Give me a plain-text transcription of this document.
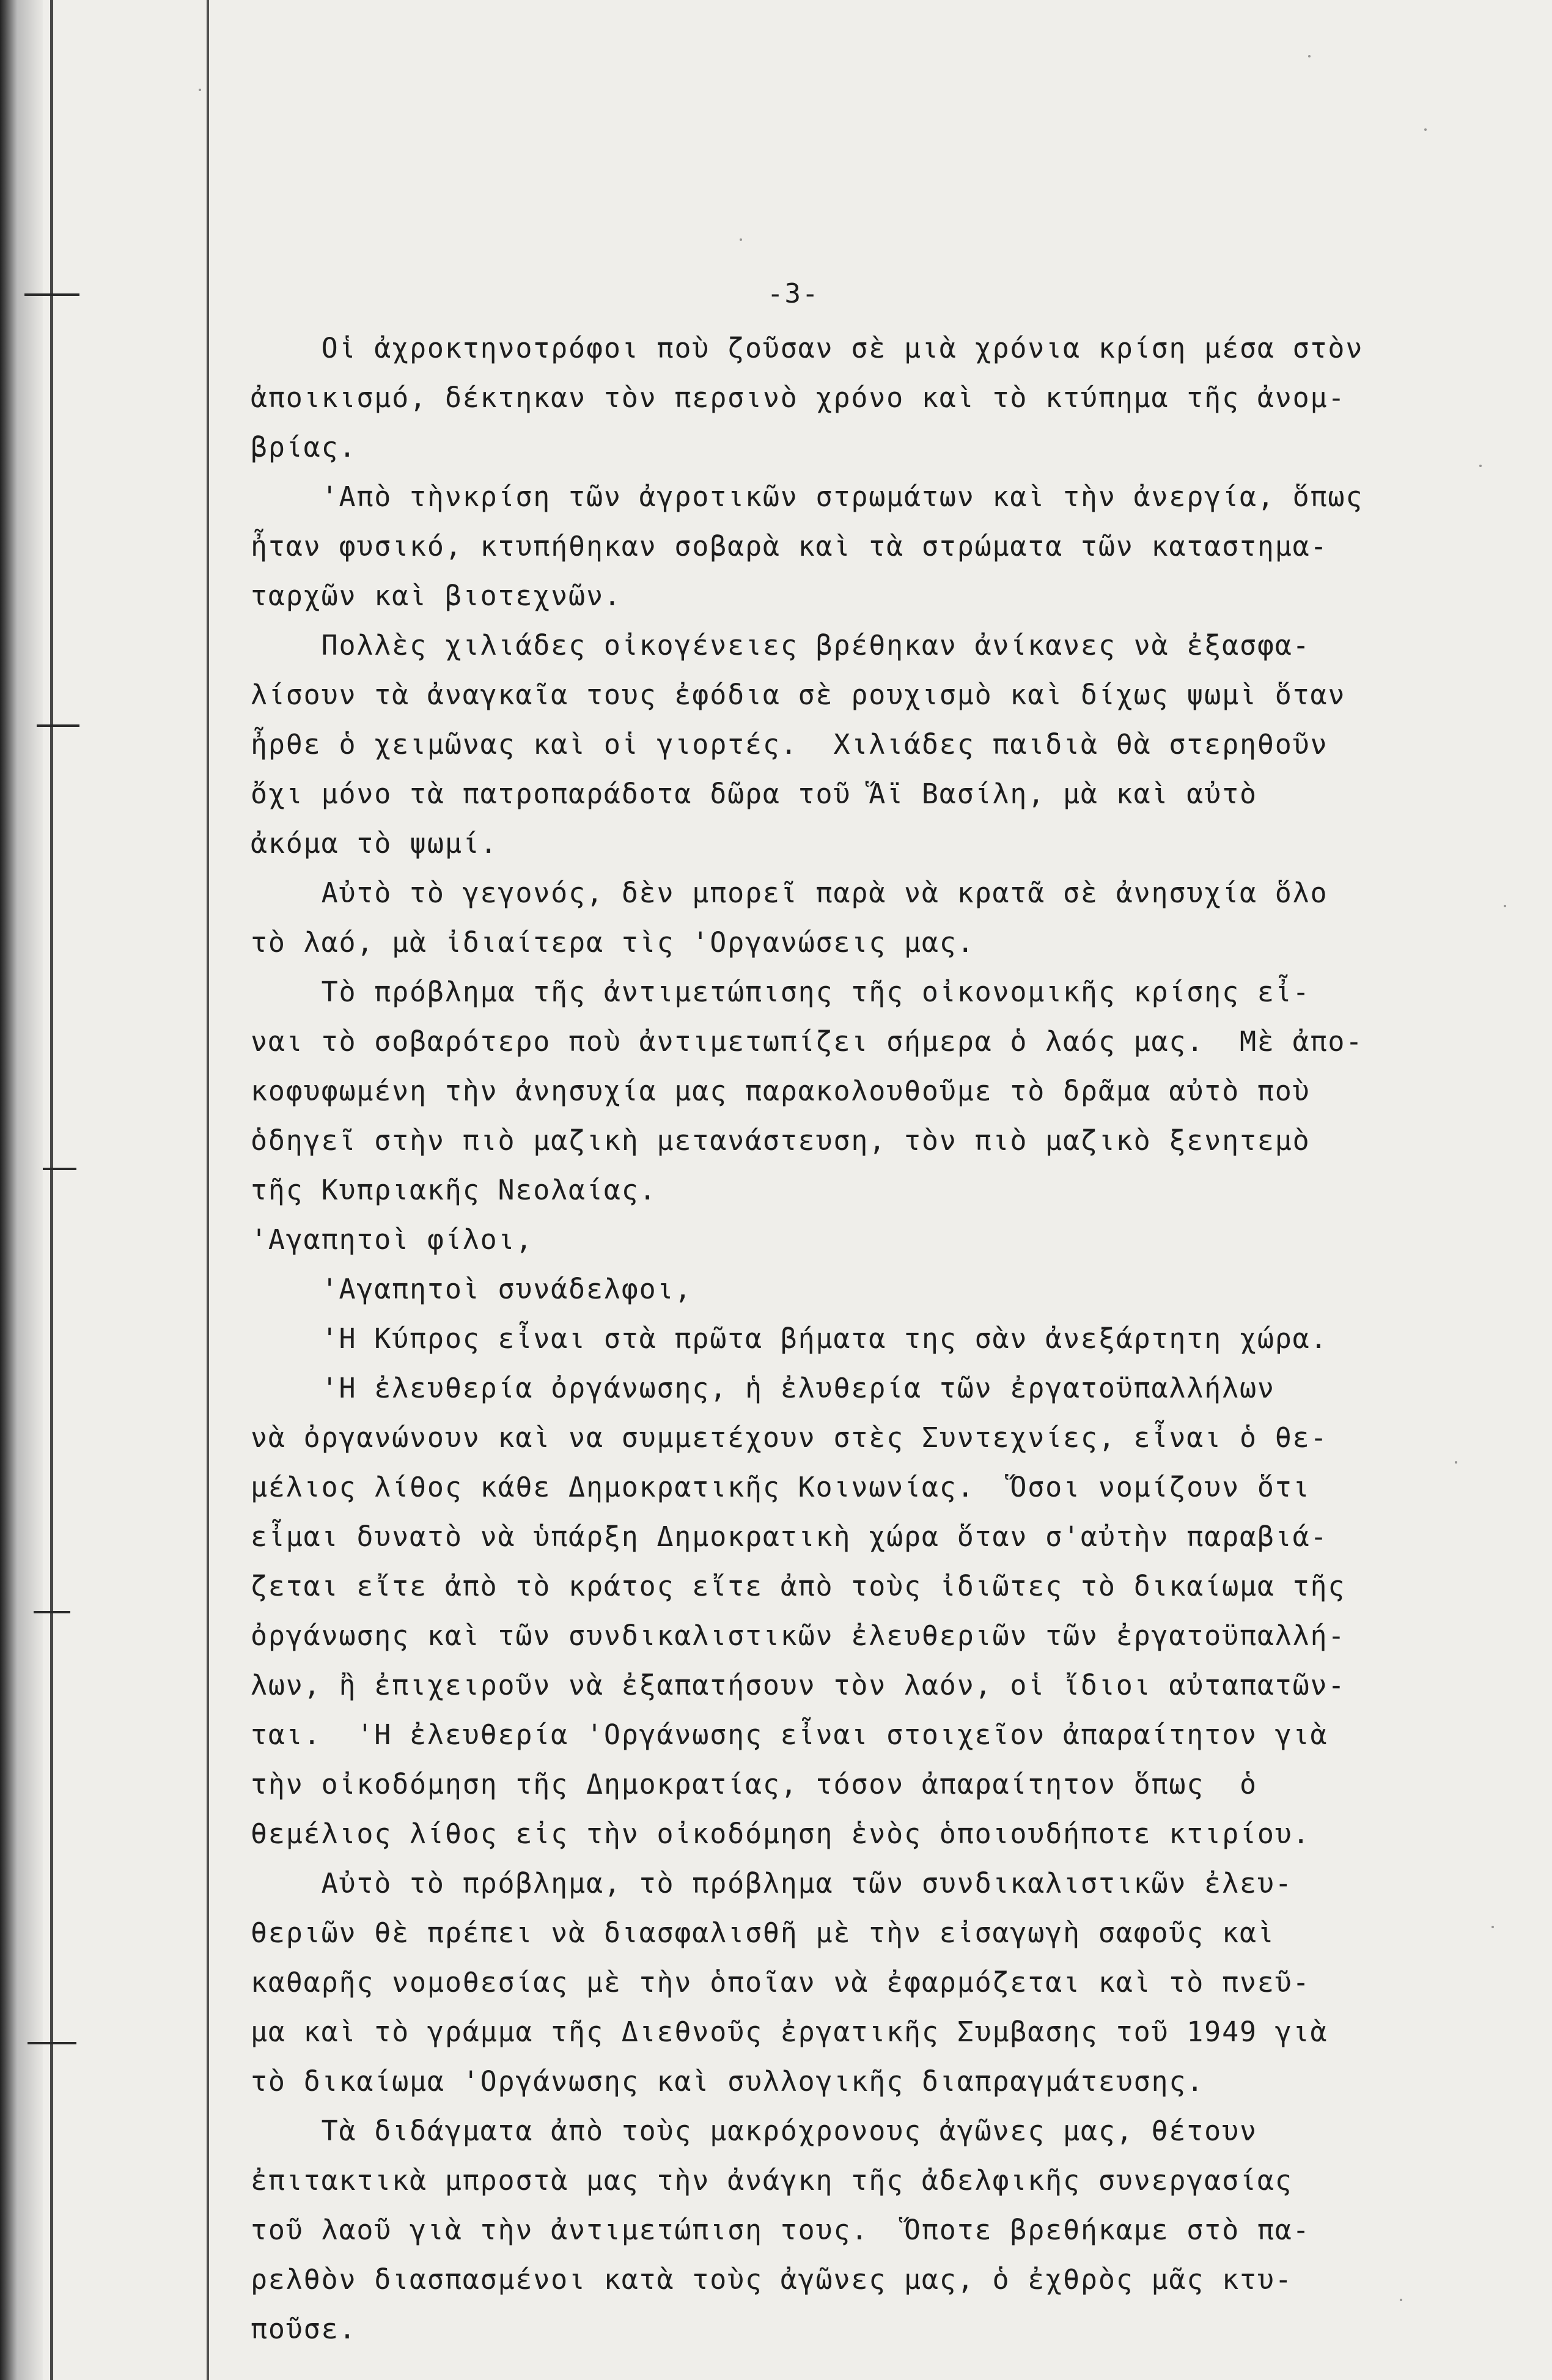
-3-
Οἱ ἀχροκτηνοτρόφοι ποὺ ζοῦσαν σὲ μιὰ χρόνια κρίση μέσα στὸν
ἀποικισμό, δέκτηκαν τὸν περσινὸ χρόνο καὶ τὸ κτύπημα τῆς ἀνομ-
βρίας.
'Απὸ τὴνκρίση τῶν ἀγροτικῶν στρωμάτων καὶ τὴν ἀνεργία, ὅπως
ἦταν φυσικό, κτυπήθηκαν σοβαρὰ καὶ τὰ στρώματα τῶν καταστημα-
ταρχῶν καὶ βιοτεχνῶν.
Πολλὲς χιλιάδες οἰκογένειες βρέθηκαν ἀνίκανες νὰ ἐξασφα-
λίσουν τὰ ἀναγκαῖα τους ἐφόδια σὲ ρουχισμὸ καὶ δίχως ψωμὶ ὅταν
ἦρθε ὁ χειμῶνας καὶ οἱ γιορτές.  Χιλιάδες παιδιὰ θὰ στερηθοῦν
ὄχι μόνο τὰ πατροπαράδοτα δῶρα τοῦ Ἅϊ Βασίλη, μὰ καὶ αὐτὸ
ἀκόμα τὸ ψωμί.
Αὐτὸ τὸ γεγονός, δὲν μπορεῖ παρὰ νὰ κρατᾶ σὲ ἀνησυχία ὅλο
τὸ λαό, μὰ ἰδιαίτερα τὶς 'Οργανώσεις μας.
Τὸ πρόβλημα τῆς ἀντιμετώπισης τῆς οἰκονομικῆς κρίσης εἶ-
ναι τὸ σοβαρότερο ποὺ ἀντιμετωπίζει σήμερα ὁ λαός μας.  Μὲ ἀπο-
κοφυφωμένη τὴν ἀνησυχία μας παρακολουθοῦμε τὸ δρᾶμα αὐτὸ ποὺ
ὁδηγεῖ στὴν πιὸ μαζικὴ μετανάστευση, τὸν πιὸ μαζικὸ ξενητεμὸ
τῆς Κυπριακῆς Νεολαίας.
'Αγαπητοὶ φίλοι,
'Αγαπητοὶ συνάδελφοι,
'Η Κύπρος εἶναι στὰ πρῶτα βήματα της σὰν ἀνεξάρτητη χώρα.
'Η ἐλευθερία ὀργάνωσης, ἡ ἐλυθερία τῶν ἐργατοϋπαλλήλων
νὰ ὀργανώνουν καὶ να συμμετέχουν στὲς Συντεχνίες, εἶναι ὁ θε-
μέλιος λίθος κάθε Δημοκρατικῆς Κοινωνίας.  Ὅσοι νομίζουν ὅτι
εἶμαι δυνατὸ νὰ ὑπάρξη Δημοκρατικὴ χώρα ὅταν σ'αὐτὴν παραβιά-
ζεται εἴτε ἀπὸ τὸ κράτος εἴτε ἀπὸ τοὺς ἰδιῶτες τὸ δικαίωμα τῆς
ὀργάνωσης καὶ τῶν συνδικαλιστικῶν ἐλευθεριῶν τῶν ἐργατοϋπαλλή-
λων, ἢ ἐπιχειροῦν νὰ ἐξαπατήσουν τὸν λαόν, οἱ ἴδιοι αὐταπατῶν-
ται.  'Η ἐλευθερία 'Οργάνωσης εἶναι στοιχεῖον ἀπαραίτητον γιὰ
τὴν οἰκοδόμηση τῆς Δημοκρατίας, τόσον ἀπαραίτητον ὅπως  ὁ
θεμέλιος λίθος εἰς τὴν οἰκοδόμηση ἑνὸς ὁποιουδήποτε κτιρίου.
Αὐτὸ τὸ πρόβλημα, τὸ πρόβλημα τῶν συνδικαλιστικῶν ἐλευ-
θεριῶν θὲ πρέπει νὰ διασφαλισθῆ μὲ τὴν εἰσαγωγὴ σαφοῦς καὶ
καθαρῆς νομοθεσίας μὲ τὴν ὁποῖαν νὰ ἐφαρμόζεται καὶ τὸ πνεῦ-
μα καὶ τὸ γράμμα τῆς Διεθνοῦς ἐργατικῆς Συμβασης τοῦ 1949 γιὰ
τὸ δικαίωμα 'Οργάνωσης καὶ συλλογικῆς διαπραγμάτευσης.
Τὰ διδάγματα ἀπὸ τοὺς μακρόχρονους ἀγῶνες μας, θέτουν
ἐπιτακτικὰ μπροστὰ μας τὴν ἀνάγκη τῆς ἀδελφικῆς συνεργασίας
τοῦ λαοῦ γιὰ τὴν ἀντιμετώπιση τους.  Ὅποτε βρεθήκαμε στὸ πα-
ρελθὸν διασπασμένοι κατὰ τοὺς ἀγῶνες μας, ὁ ἐχθρὸς μᾶς κτυ-
ποῦσε.
